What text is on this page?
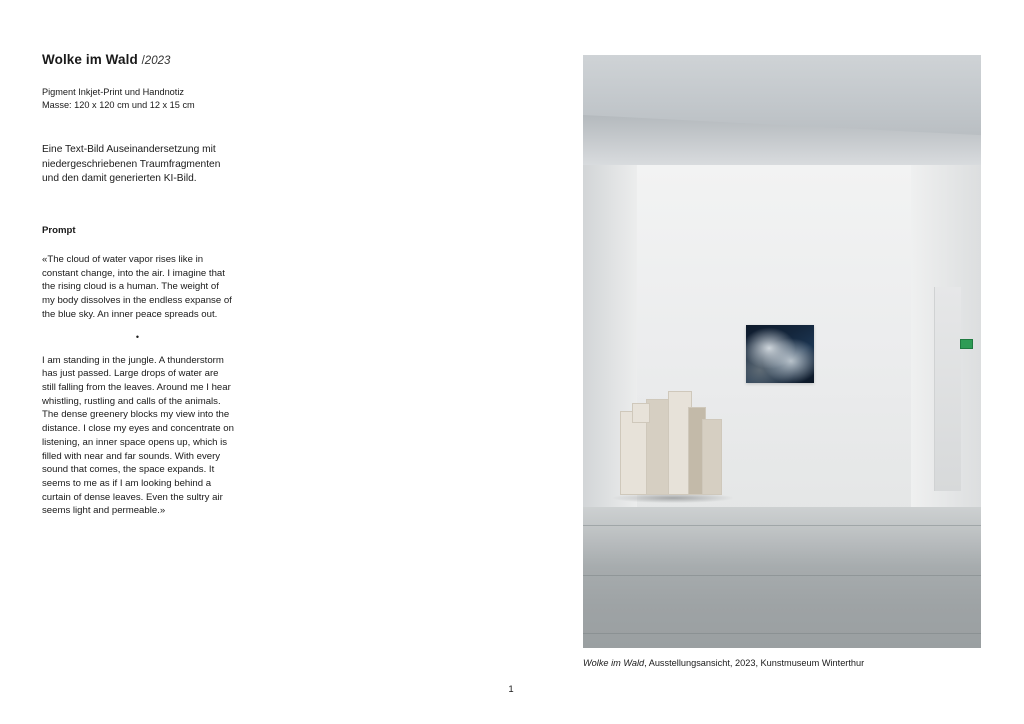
Wolke im Wald /2023
Pigment Inkjet-Print und Handnotiz
Masse: 120 x 120 cm und 12 x 15 cm
Eine Text-Bild Auseinandersetzung mit niedergeschriebenen Traumfragmenten und den damit generierten KI-Bild.
Prompt
«The cloud of water vapor rises like in constant change, into the air. I imagine that the rising cloud is a human. The weight of my body dissolves in the endless expanse of the blue sky. An inner peace spreads out.
•
I am standing in the jungle. A thunderstorm has just passed. Large drops of water are still falling from the leaves. Around me I hear whistling, rustling and calls of the animals. The dense greenery blocks my view into the distance. I close my eyes and concentrate on listening, an inner space opens up, which is filled with near and far sounds. With every sound that comes, the space expands. It seems to me as if I am looking behind a curtain of dense leaves. Even the sultry air seems light and permeable.»
Wolke im Wald, Ausstellungsansicht, 2023, Kunstmuseum Winterthur
1
